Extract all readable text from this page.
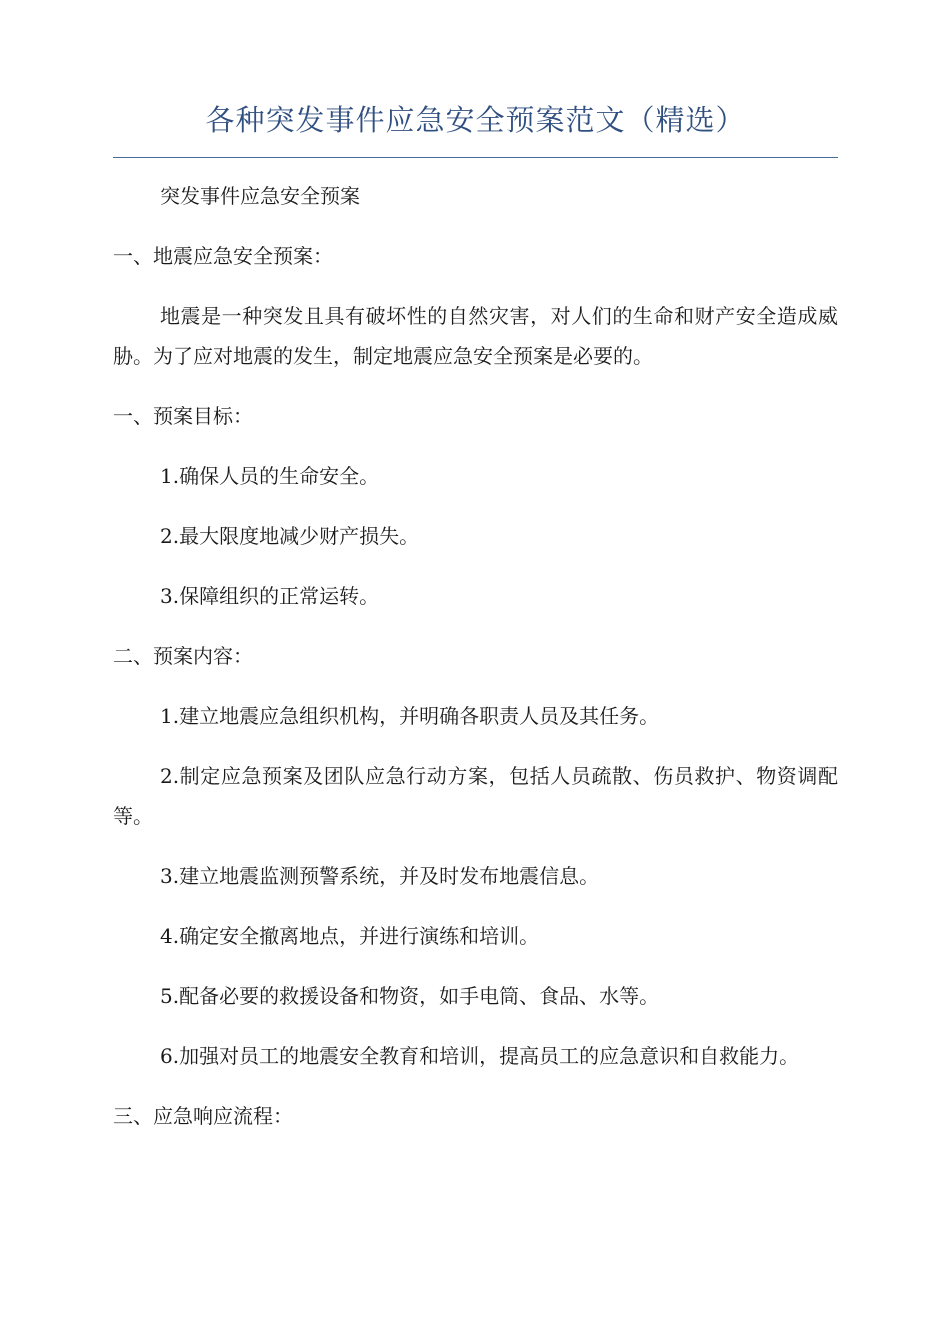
各种突发事件应急安全预案范文（精选）

突发事件应急安全预案

一、地震应急安全预案：

地震是一种突发且具有破坏性的自然灾害，对人们的生命和财产安全造成威胁。为了应对地震的发生，制定地震应急安全预案是必要的。

一、预案目标：

1.确保人员的生命安全。

2.最大限度地减少财产损失。

3.保障组织的正常运转。

二、预案内容：

1.建立地震应急组织机构，并明确各职责人员及其任务。

2.制定应急预案及团队应急行动方案，包括人员疏散、伤员救护、物资调配等。

3.建立地震监测预警系统，并及时发布地震信息。

4.确定安全撤离地点，并进行演练和培训。

5.配备必要的救援设备和物资，如手电筒、食品、水等。

6.加强对员工的地震安全教育和培训，提高员工的应急意识和自救能力。

三、应急响应流程：
